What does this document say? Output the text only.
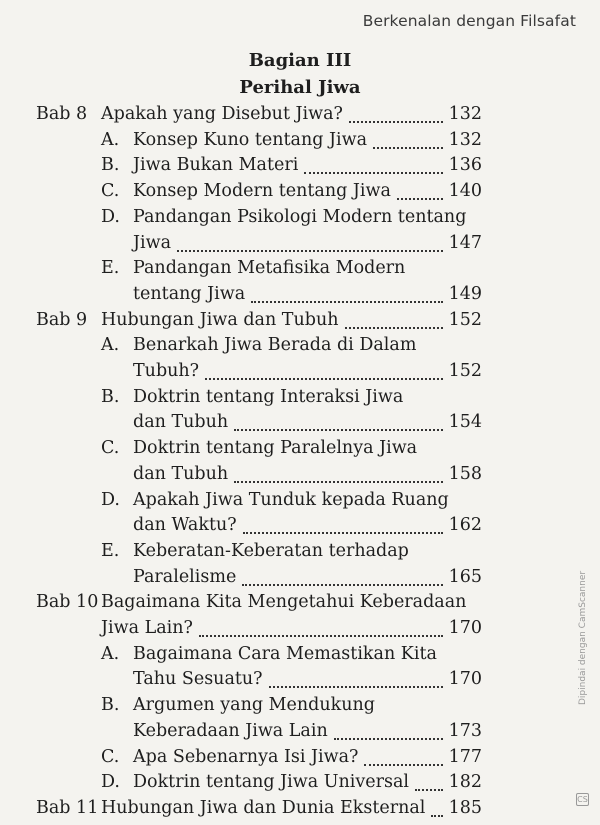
Berkenalan dengan Filsafat
Bagian III
Perihal Jiwa
Bab 8 Apakah yang Disebut Jiwa?	132
A. Konsep Kuno tentang Jiwa	132
B. Jiwa Bukan Materi	136
C. Konsep Modern tentang Jiwa	140
D. Pandangan Psikologi Modern tentang
Jiwa	147
E. Pandangan Metafisika Modern
tentang Jiwa	149
Bab 9 Hubungan Jiwa dan Tubuh	152
A. Benarkah Jiwa Berada di Dalam
Tubuh?	152
B. Doktrin tentang Interaksi Jiwa
dan Tubuh	154
C. Doktrin tentang Paralelnya Jiwa
dan Tubuh	158
D. Apakah Jiwa Tunduk kepada Ruang
dan Waktu?	162
E. Keberatan-Keberatan terhadap
Paralelisme	165
Bab 10 Bagaimana Kita Mengetahui Keberadaan
Jiwa Lain?	170
A. Bagaimana Cara Memastikan Kita
Tahu Sesuatu?	170
B. Argumen yang Mendukung
Keberadaan Jiwa Lain	173
C. Apa Sebenarnya Isi Jiwa?	177
D. Doktrin tentang Jiwa Universal 182
Bab 11 Hubungan Jiwa dan Dunia Eksternal 185
Dipindai dengan CamScanner
CS
